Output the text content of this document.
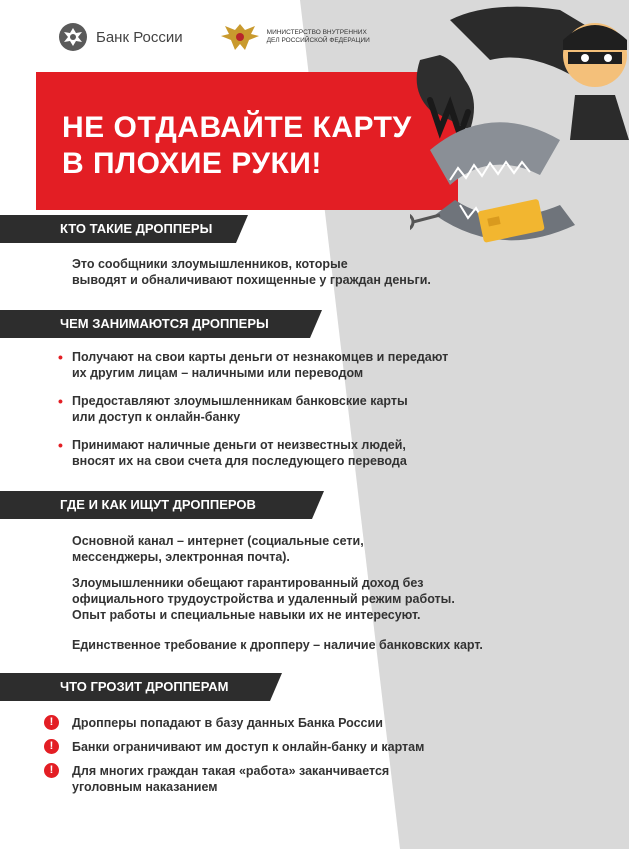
Банк России	МИНИСТЕРСТВО ВНУТРЕННИХ ДЕЛ РОССИЙСКОЙ ФЕДЕРАЦИИ
НЕ ОТДАВАЙТЕ КАРТУ
В ПЛОХИЕ РУКИ!
КТО ТАКИЕ ДРОППЕРЫ
Это сообщники злоумышленников, которые
выводят и обналичивают похищенные у граждан деньги.
ЧЕМ ЗАНИМАЮТСЯ ДРОППЕРЫ
• Получают на свои карты деньги от незнакомцев и передают
их другим лицам – наличными или переводом
• Предоставляют злоумышленникам банковские карты
или доступ к онлайн-банку
• Принимают наличные деньги от неизвестных людей,
вносят их на свои счета для последующего перевода
ГДЕ И КАК ИЩУТ ДРОППЕРОВ
Основной канал – интернет (социальные сети,
мессенджеры, электронная почта).
Злоумышленники обещают гарантированный доход без
официального трудоустройства и удаленный режим работы.
Опыт работы и специальные навыки их не интересуют.
Единственное требование к дропперу – наличие банковских карт.
ЧТО ГРОЗИТ ДРОППЕРАМ
!	Дропперы попадают в базу данных Банка России
!	Банки ограничивают им доступ к онлайн-банку и картам
!	Для многих граждан такая «работа» заканчивается
уголовным наказанием
